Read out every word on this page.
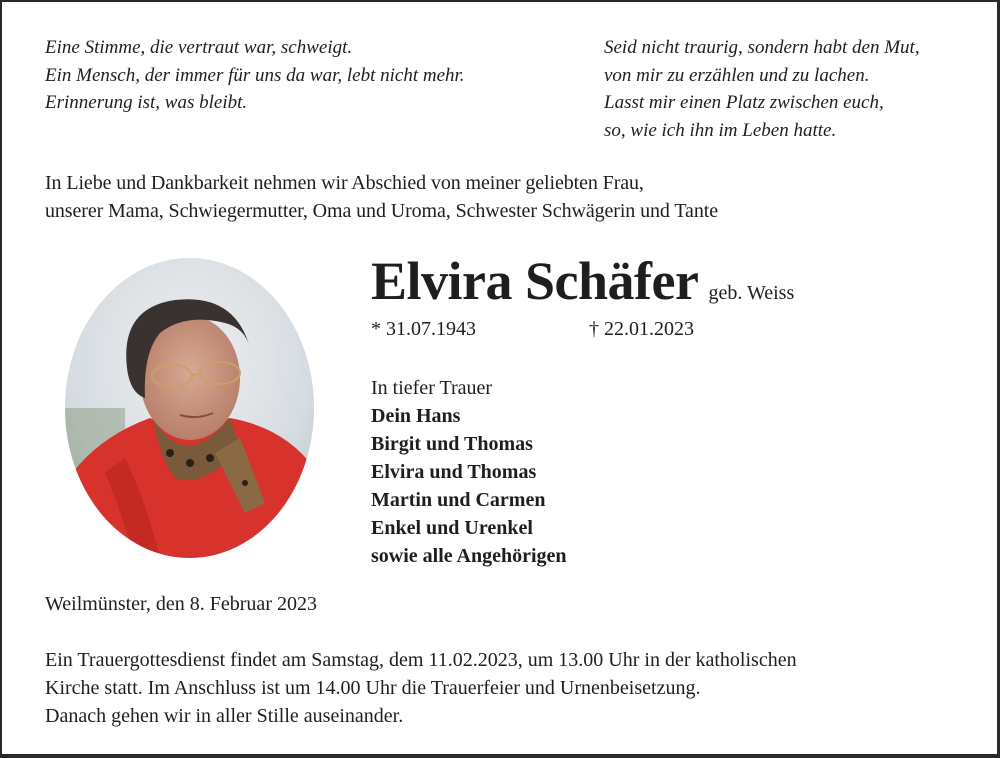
Eine Stimme, die vertraut war, schweigt.
Ein Mensch, der immer für uns da war, lebt nicht mehr.
Erinnerung ist, was bleibt.
Seid nicht traurig, sondern habt den Mut,
von mir zu erzählen und zu lachen.
Lasst mir einen Platz zwischen euch,
so, wie ich ihn im Leben hatte.
In Liebe und Dankbarkeit nehmen wir Abschied von meiner geliebten Frau,
unserer Mama, Schwiegermutter, Oma und Uroma, Schwester Schwägerin und Tante
Elvira Schäfer geb. Weiss
* 31.07.1943	† 22.01.2023
In tiefer Trauer
Dein Hans
Birgit und Thomas
Elvira und Thomas
Martin und Carmen
Enkel und Urenkel
sowie alle Angehörigen
Weilmünster, den 8. Februar 2023
Ein Trauergottesdienst findet am Samstag, dem 11.02.2023, um 13.00 Uhr in der katholischen
Kirche statt. Im Anschluss ist um 14.00 Uhr die Trauerfeier und Urnenbeisetzung.
Danach gehen wir in aller Stille auseinander.
